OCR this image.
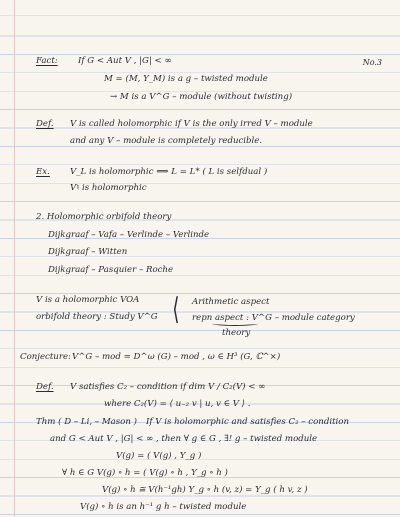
No.3
Fact: If G < Aut V , |G| < ∞
M = (M, Y_M) is a g – twisted module
→ M is a V^G – module (without twisting)
Def. V is called holomorphic if V is the only irred V – module
and any V – module is completely reducible.
Ex. V_L is holomorphic ⟺ L = L* ( L is selfdual )
V♮ is holomorphic
2. Holomorphic orbifold theory
Dijkgraaf – Vafa – Verlinde – Verlinde
Dijkgraaf – Witten
Dijkgraaf – Pasquier – Roche
V is a holomorphic VOA
orbifold theory : Study V^G ⟨ Arithmetic aspect
repn aspect : V^G – module category
theory
Conjecture: V^G – mod ≃ D^ω (G) – mod , ω ∈ H³ (G, ℂ^×)
Def. V satisfies C₂ – condition if dim V / C₂(V) < ∞
where C₂(V) = ⟨ u₋₂ v | u, v ∈ V ⟩ .
Thm ( D – Li, – Mason ) If V is holomorphic and satisfies C₂ – condition
and G < Aut V , |G| < ∞ , then ∀ g ∈ G , ∃! g – twisted module
V(g) = ( V(g) , Y_g )
∀ h ∈ G V(g) ∘ h = ( V(g) ∘ h , Y_g ∘ h )
V(g) ∘ h ≅ V(h⁻¹gh) Y_g ∘ h (v, z) = Y_g ( h v, z )
V(g) ∘ h is an h⁻¹ g h – twisted module
